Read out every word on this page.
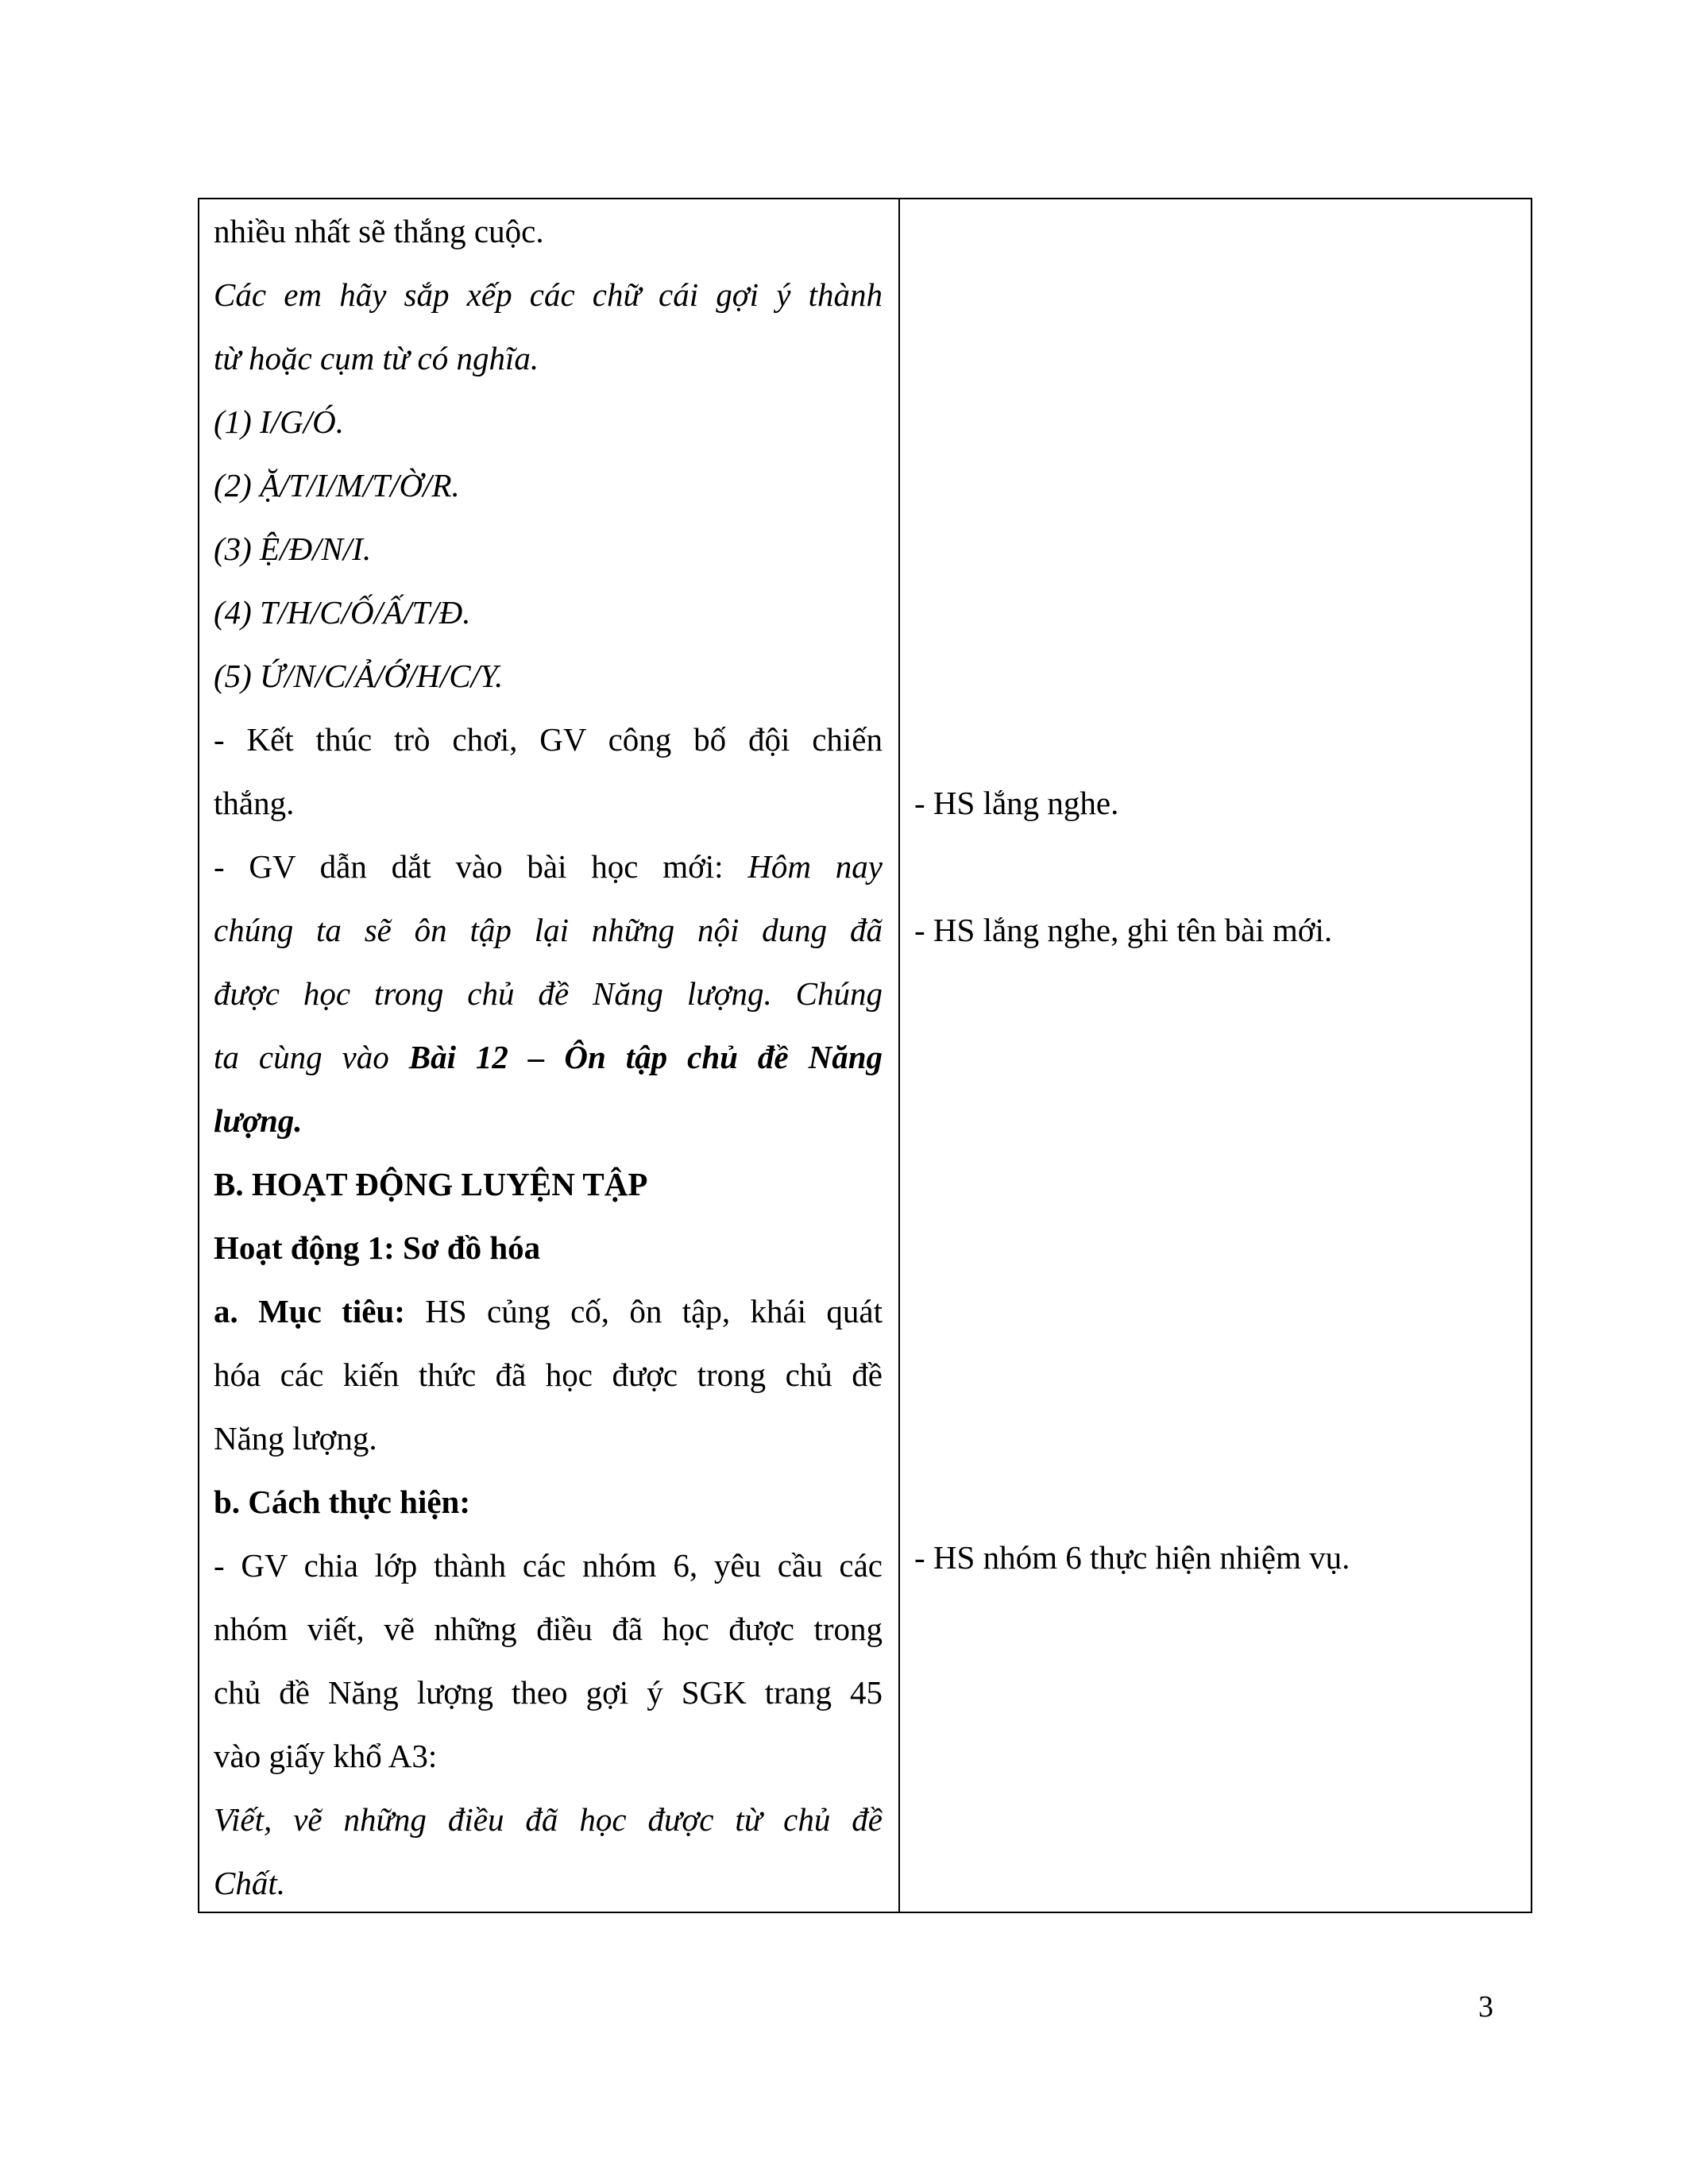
nhiều nhất sẽ thắng cuộc.
Các em hãy sắp xếp các chữ cái gợi ý thành
từ hoặc cụm từ có nghĩa.
(1) I/G/Ó.
(2) Ặ/T/I/M/T/Ờ/R.
(3) Ệ/Đ/N/I.
(4) T/H/C/Ố/Ấ/T/Đ.
(5) Ứ/N/C/Ả/Ớ/H/C/Y.
- Kết thúc trò chơi, GV công bố đội chiến
thắng.
- GV dẫn dắt vào bài học mới: Hôm nay
chúng ta sẽ ôn tập lại những nội dung đã
được học trong chủ đề Năng lượng. Chúng
ta cùng vào Bài 12 – Ôn tập chủ đề Năng
lượng.
B. HOẠT ĐỘNG LUYỆN TẬP
Hoạt động 1: Sơ đồ hóa
a. Mục tiêu: HS củng cố, ôn tập, khái quát
hóa các kiến thức đã học được trong chủ đề
Năng lượng.
b. Cách thực hiện:
- GV chia lớp thành các nhóm 6, yêu cầu các
nhóm viết, vẽ những điều đã học được trong
chủ đề Năng lượng theo gợi ý SGK trang 45
vào giấy khổ A3:
Viết, vẽ những điều đã học được từ chủ đề
Chất.
- HS lắng nghe.
- HS lắng nghe, ghi tên bài mới.
- HS nhóm 6 thực hiện nhiệm vụ.
3
